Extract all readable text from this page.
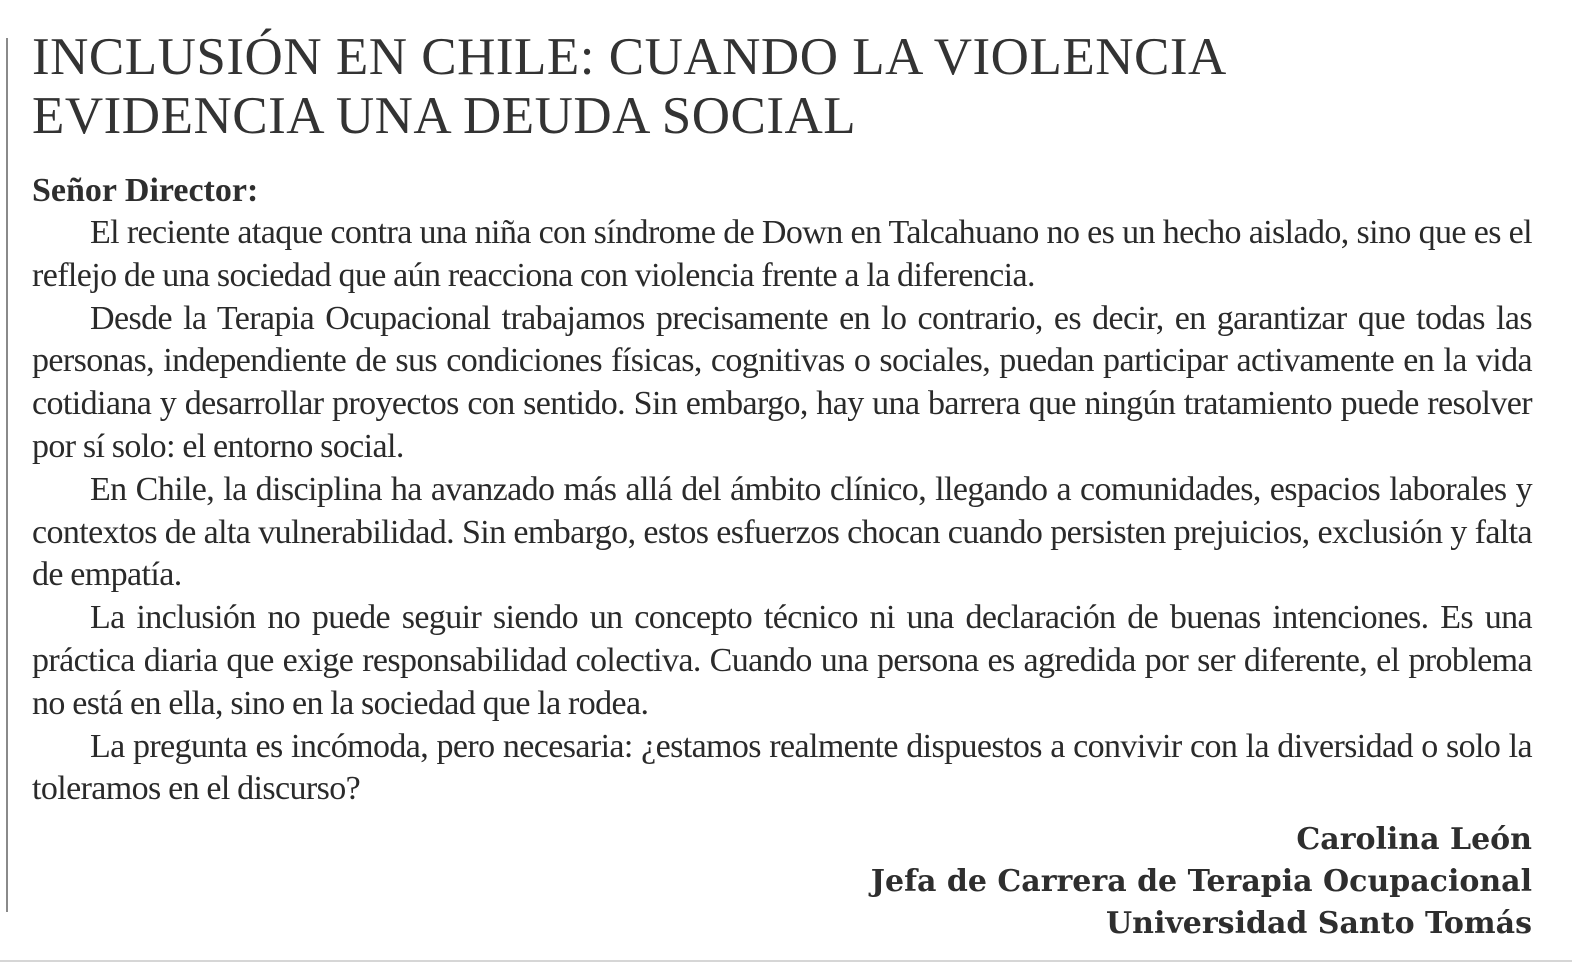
INCLUSIÓN EN CHILE: CUANDO LA VIOLENCIA
EVIDENCIA UNA DEUDA SOCIAL
Señor Director:

El reciente ataque contra una niña con síndrome de Down en Talcahuano no es un hecho aislado, sino que es el reflejo de una sociedad que aún reacciona con violencia frente a la diferencia.

Desde la Terapia Ocupacional trabajamos precisamente en lo contrario, es decir, en garantizar que todas las personas, independiente de sus condiciones físicas, cognitivas o sociales, puedan participar activamente en la vida cotidiana y desarrollar proyectos con sentido. Sin embargo, hay una barrera que ningún tratamiento puede resolver por sí solo: el entorno social.

En Chile, la disciplina ha avanzado más allá del ámbito clínico, llegando a comunidades, espacios laborales y contextos de alta vulnerabilidad. Sin embargo, estos esfuerzos chocan cuando persisten prejuicios, exclusión y falta de empatía.

La inclusión no puede seguir siendo un concepto técnico ni una declaración de buenas intenciones. Es una práctica diaria que exige responsabilidad colectiva. Cuando una persona es agredida por ser diferente, el problema no está en ella, sino en la sociedad que la rodea.

La pregunta es incómoda, pero necesaria: ¿estamos realmente dispuestos a convivir con la diversidad o solo la toleramos en el discurso?

Carolina León
Jefa de Carrera de Terapia Ocupacional
Universidad Santo Tomás
